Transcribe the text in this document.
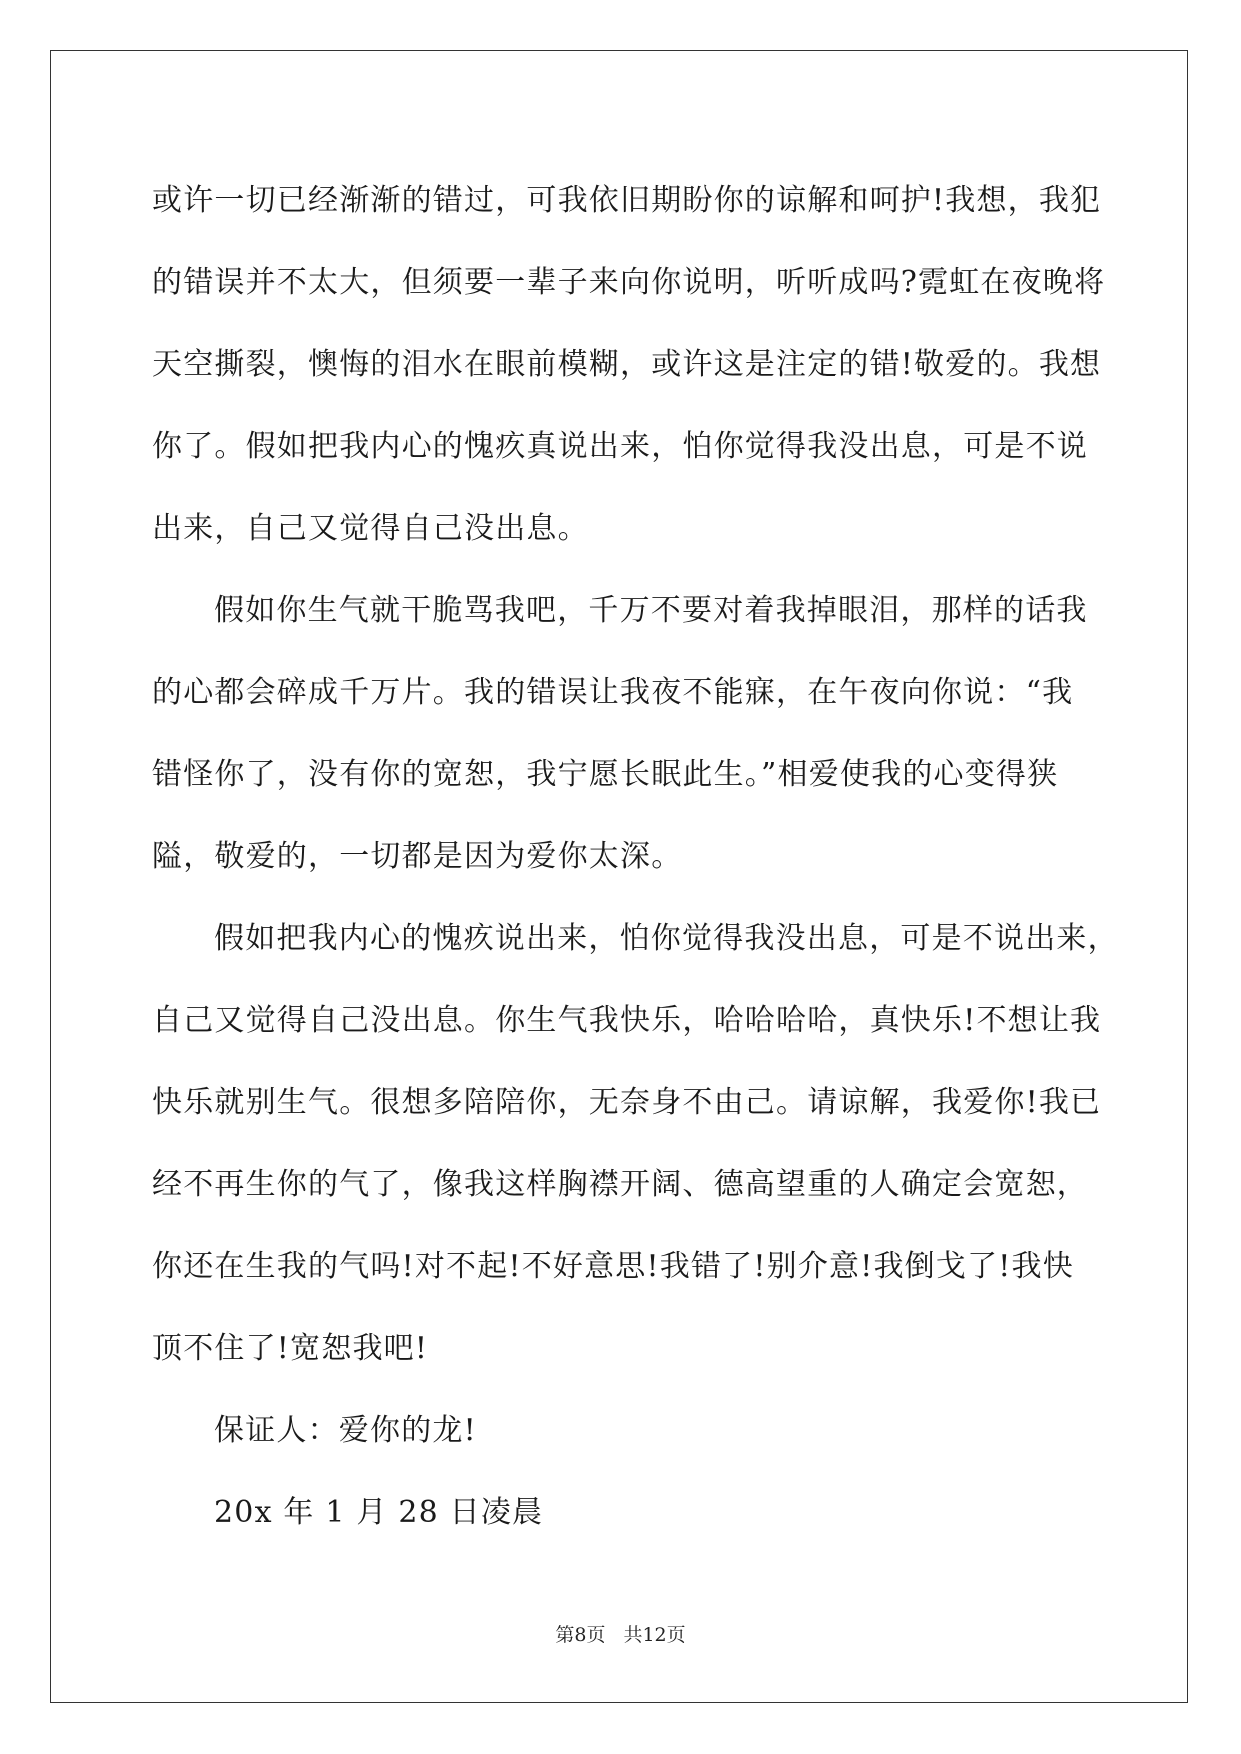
或许一切已经渐渐的错过，可我依旧期盼你的谅解和呵护!我想，我犯
的错误并不太大，但须要一辈子来向你说明，听听成吗?霓虹在夜晚将
天空撕裂，懊悔的泪水在眼前模糊，或许这是注定的错!敬爱的。我想
你了。假如把我内心的愧疚真说出来，怕你觉得我没出息，可是不说
出来，自己又觉得自己没出息。
假如你生气就干脆骂我吧，千万不要对着我掉眼泪，那样的话我
的心都会碎成千万片。我的错误让我夜不能寐，在午夜向你说：“我
错怪你了，没有你的宽恕，我宁愿长眠此生。”相爱使我的心变得狭
隘，敬爱的，一切都是因为爱你太深。
假如把我内心的愧疚说出来，怕你觉得我没出息，可是不说出来，
自己又觉得自己没出息。你生气我快乐，哈哈哈哈，真快乐!不想让我
快乐就别生气。很想多陪陪你，无奈身不由己。请谅解，我爱你!我已
经不再生你的气了，像我这样胸襟开阔、德高望重的人确定会宽恕，
你还在生我的气吗!对不起!不好意思!我错了!别介意!我倒戈了!我快
顶不住了!宽恕我吧!
保证人：爱你的龙!
20x 年 1 月 28 日凌晨
第8页 共12页
